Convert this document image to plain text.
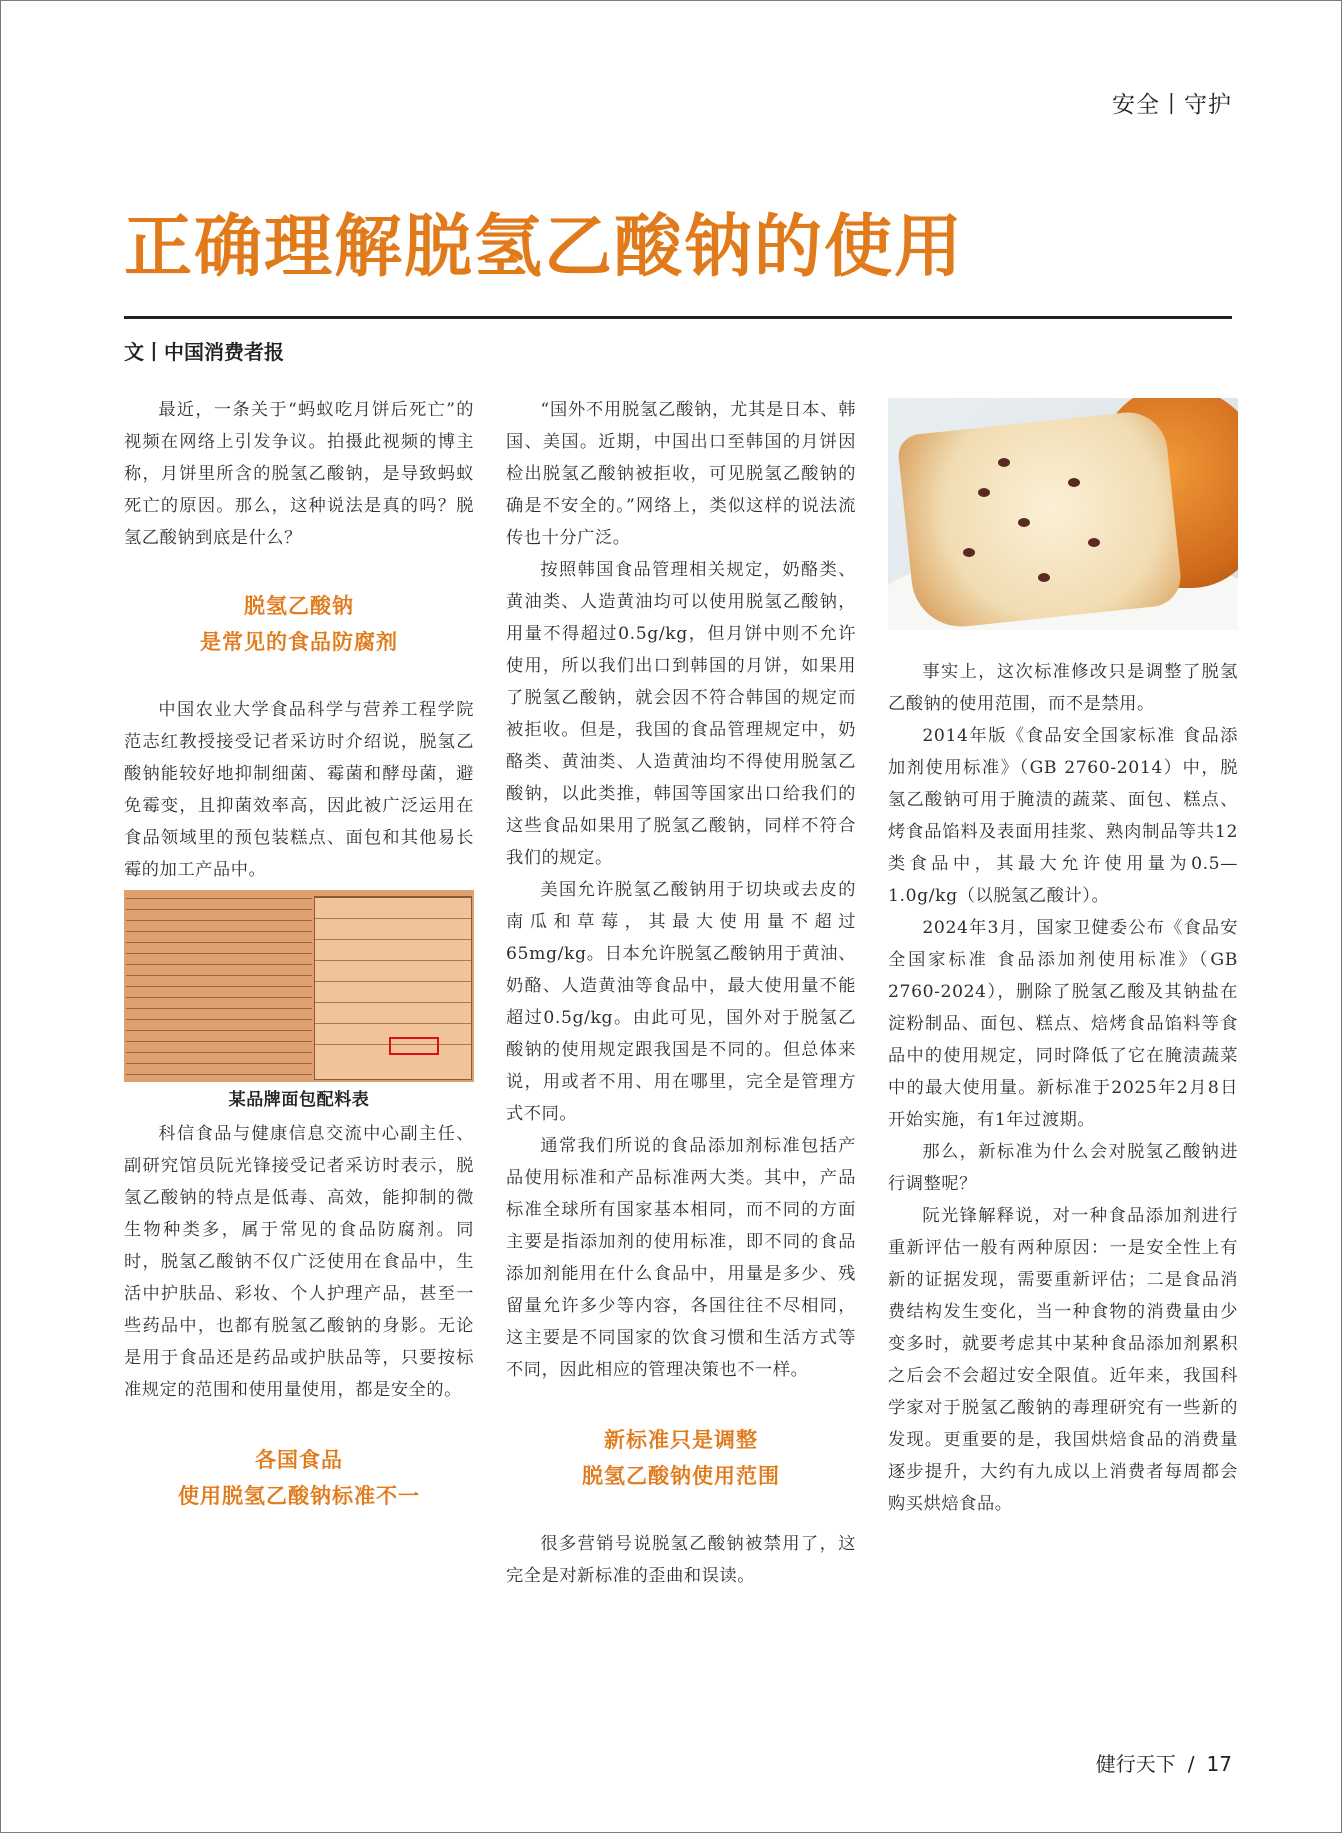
安全丨守护
正确理解脱氢乙酸钠的使用
文丨中国消费者报

最近，一条关于“蚂蚁吃月饼后死亡”的视频在网络上引发争议。拍摄此视频的博主称，月饼里所含的脱氢乙酸钠，是导致蚂蚁死亡的原因。那么，这种说法是真的吗？脱氢乙酸钠到底是什么？

脱氢乙酸钠
是常见的食品防腐剂

中国农业大学食品科学与营养工程学院范志红教授接受记者采访时介绍说，脱氢乙酸钠能较好地抑制细菌、霉菌和酵母菌，避免霉变，且抑菌效率高，因此被广泛运用在食品领域里的预包装糕点、面包和其他易长霉的加工产品中。

某品牌面包配料表

科信食品与健康信息交流中心副主任、副研究馆员阮光锋接受记者采访时表示，脱氢乙酸钠的特点是低毒、高效，能抑制的微生物种类多，属于常见的食品防腐剂。同时，脱氢乙酸钠不仅广泛使用在食品中，生活中护肤品、彩妆、个人护理产品，甚至一些药品中，也都有脱氢乙酸钠的身影。无论是用于食品还是药品或护肤品等，只要按标准规定的范围和使用量使用，都是安全的。

各国食品
使用脱氢乙酸钠标准不一

“国外不用脱氢乙酸钠，尤其是日本、韩国、美国。近期，中国出口至韩国的月饼因检出脱氢乙酸钠被拒收，可见脱氢乙酸钠的确是不安全的。”网络上，类似这样的说法流传也十分广泛。

按照韩国食品管理相关规定，奶酪类、黄油类、人造黄油均可以使用脱氢乙酸钠，用量不得超过0.5g/kg，但月饼中则不允许使用，所以我们出口到韩国的月饼，如果用了脱氢乙酸钠，就会因不符合韩国的规定而被拒收。但是，我国的食品管理规定中，奶酪类、黄油类、人造黄油均不得使用脱氢乙酸钠，以此类推，韩国等国家出口给我们的这些食品如果用了脱氢乙酸钠，同样不符合我们的规定。

美国允许脱氢乙酸钠用于切块或去皮的南瓜和草莓，其最大使用量不超过65mg/kg。日本允许脱氢乙酸钠用于黄油、奶酪、人造黄油等食品中，最大使用量不能超过0.5g/kg。由此可见，国外对于脱氢乙酸钠的使用规定跟我国是不同的。但总体来说，用或者不用、用在哪里，完全是管理方式不同。

通常我们所说的食品添加剂标准包括产品使用标准和产品标准两大类。其中，产品标准全球所有国家基本相同，而不同的方面主要是指添加剂的使用标准，即不同的食品添加剂能用在什么食品中，用量是多少、残留量允许多少等内容，各国往往不尽相同，这主要是不同国家的饮食习惯和生活方式等不同，因此相应的管理决策也不一样。

新标准只是调整
脱氢乙酸钠使用范围

很多营销号说脱氢乙酸钠被禁用了，这完全是对新标准的歪曲和误读。

事实上，这次标准修改只是调整了脱氢乙酸钠的使用范围，而不是禁用。

2014年版《食品安全国家标准 食品添加剂使用标准》（GB 2760-2014）中，脱氢乙酸钠可用于腌渍的蔬菜、面包、糕点、烤食品馅料及表面用挂浆、熟肉制品等共12类食品中，其最大允许使用量为0.5—1.0g/kg（以脱氢乙酸计）。

2024年3月，国家卫健委公布《食品安全国家标准 食品添加剂使用标准》（GB 2760-2024），删除了脱氢乙酸及其钠盐在淀粉制品、面包、糕点、焙烤食品馅料等食品中的使用规定，同时降低了它在腌渍蔬菜中的最大使用量。新标准于2025年2月8日开始实施，有1年过渡期。

那么，新标准为什么会对脱氢乙酸钠进行调整呢？

阮光锋解释说，对一种食品添加剂进行重新评估一般有两种原因：一是安全性上有新的证据发现，需要重新评估；二是食品消费结构发生变化，当一种食物的消费量由少变多时，就要考虑其中某种食品添加剂累积之后会不会超过安全限值。近年来，我国科学家对于脱氢乙酸钠的毒理研究有一些新的发现。更重要的是，我国烘焙食品的消费量逐步提升，大约有九成以上消费者每周都会购买烘焙食品。

健行天下 / 17
